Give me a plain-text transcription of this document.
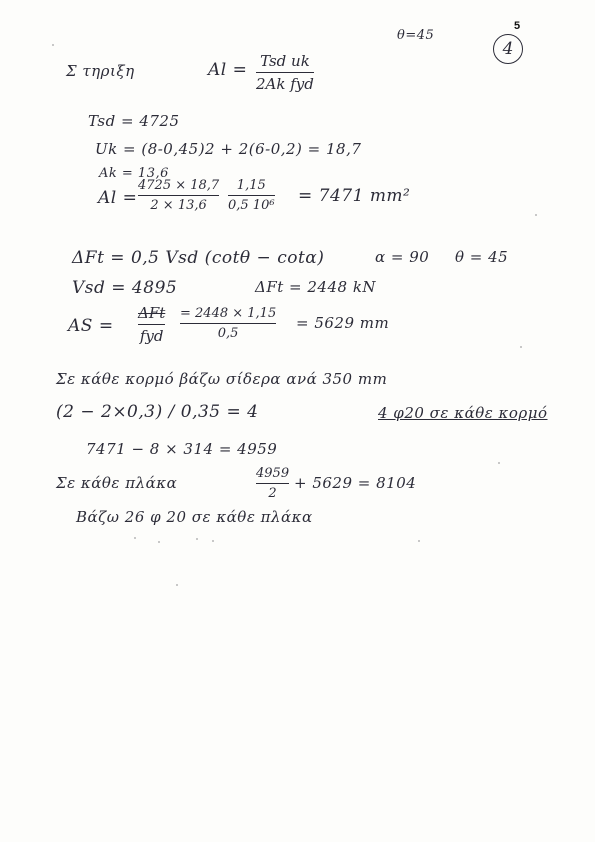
5
θ=45
4
Σ τηριξη	Al = Tsd uk
2Ak fyd
Tsd = 4725
Uk = (8-0,45)2 + 2(6-0,2) = 18,7
Ak = 13,6
Al =
4725 × 18,7
2 × 13,6
1,15
0,5 10⁶ = 7471 mm²
ΔFt = 0,5 Vsd (cotθ − cotα)	α = 90 θ = 45
Vsd = 4895	ΔFt = 2448 kN
AS =
ΔFt
fyd
= 2448 × 1,15
0,5
= 5629 mm
Σε κάθε κορμό βάζω σίδερα ανά 350 mm
(2 − 2×0,3) / 0,35 = 4	4 φ20 σε κάθε κορμό
7471 − 8 × 314 = 4959
Σε κάθε πλάκα
4959
2
+ 5629 = 8104
Βάζω 26 φ 20 σε κάθε πλάκα
